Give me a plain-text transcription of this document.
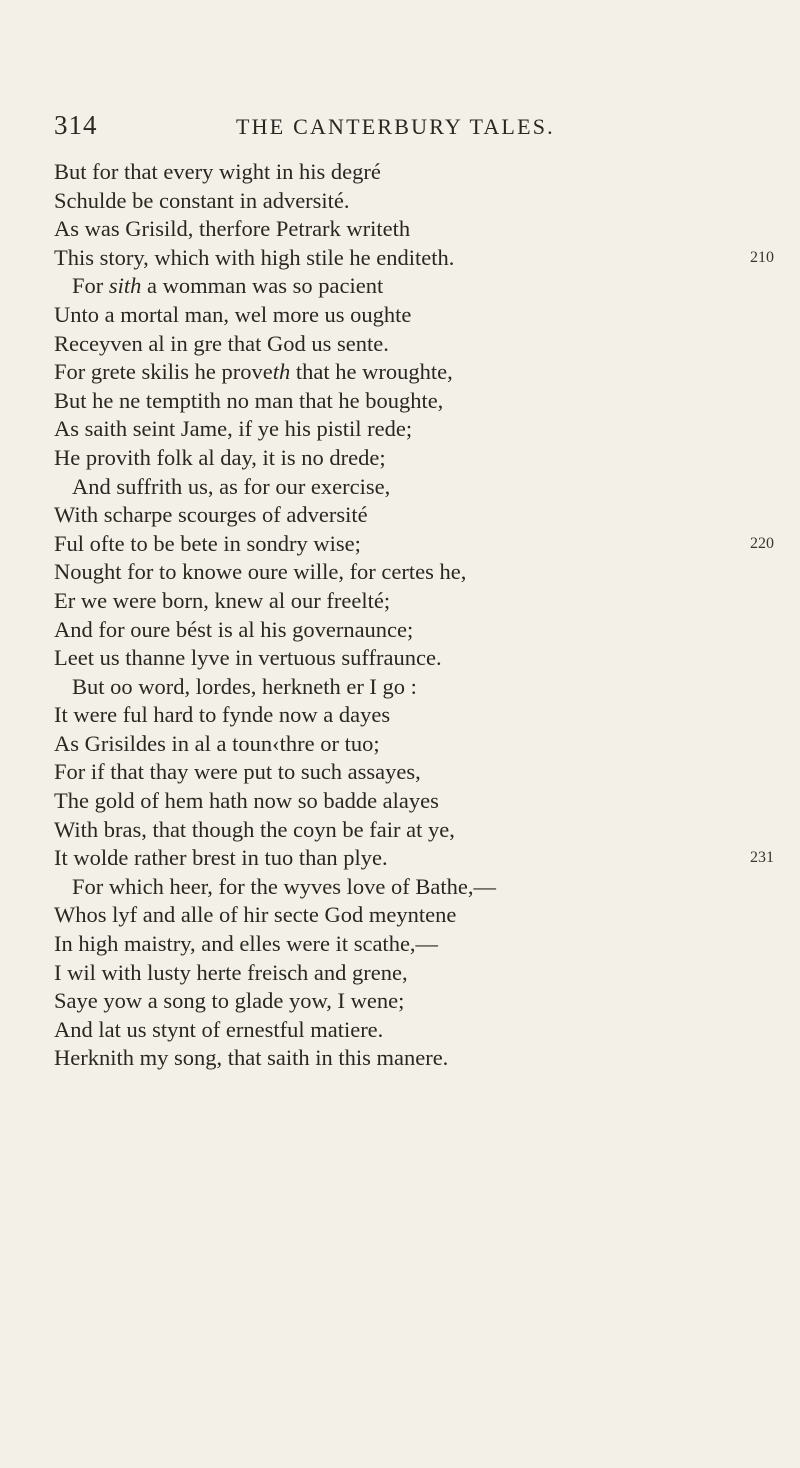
314	THE CANTERBURY TALES.
But for that every wight in his degré
Schulde be constant in adversité.
As was Grisild, therfore Petrark writeth
This story, which with high stile he enditeth.	210
For sith a womman was so pacient
Unto a mortal man, wel more us oughte
Receyven al in gre that God us sente.
For grete skilis he proveth that he wroughte,
But he ne temptith no man that he boughte,
As saith seint Jame, if ye his pistil rede;
He provith folk al day, it is no drede;
And suffrith us, as for our exercise,
With scharpe scourges of adversité
Ful ofte to be bete in sondry wise;	220
Nought for to knowe oure wille, for certes he,
Er we were born, knew al our freelté;
And for oure bést is al his governaunce;
Leet us thanne lyve in vertuous suffraunce.
But oo word, lordes, herkneth er I go :
It were ful hard to fynde now a dayes
As Grisildes in al a toun‹thre or tuo;
For if that thay were put to such assayes,
The gold of hem hath now so badde alayes
With bras, that though the coyn be fair at ye,
It wolde rather brest in tuo than plye.	231
For which heer, for the wyves love of Bathe,—
Whos lyf and alle of hir secte God meyntene
In high maistry, and elles were it scathe,—
I wil with lusty herte freisch and grene,
Saye yow a song to glade yow, I wene;
And lat us stynt of ernestful matiere.
Herknith my song, that saith in this manere.
